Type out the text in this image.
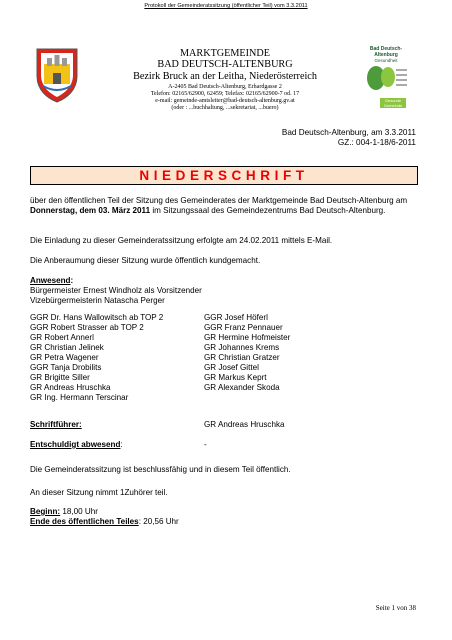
Protokoll der Gemeinderatssitzung (öffentlicher Teil) vom 3.3.2011
MARKTGEMEINDE
BAD DEUTSCH-ALTENBURG
Bezirk Bruck an der Leitha, Niederösterreich
A-2405 Bad Deutsch-Altenburg, Erhardgasse 2
Telefon: 02165/62900, 62459; Telefax: 02165/62900-7 od. 17
e-mail: gemeinde-amtsleiter@bad-deutsch-altenburg.gv.at
(oder : ...buchhaltung, ...sekretariat, ...buero)
Bad Deutsch-Altenburg
Gesundheit
Gesunde Gemeinde
Bad Deutsch-Altenburg, am 3.3.2011
GZ.: 004-1-18/6-2011
NIEDERSCHRIFT
über den öffentlichen Teil der Sitzung des Gemeinderates der Marktgemeinde Bad Deutsch-Altenburg am Donnerstag, dem 03. März 2011 im Sitzungssaal des Gemeindezentrums Bad Deutsch-Altenburg.
Die Einladung zu dieser Gemeinderatssitzung erfolgte am 24.02.2011 mittels E-Mail.
Die Anberaumung dieser Sitzung wurde öffentlich kundgemacht.
Anwesend:
Bürgermeister Ernest Windholz als Vorsitzender
Vizebürgermeisterin Natascha Perger
GGR Dr. Hans Wallowitsch ab TOP 2
GGR Robert Strasser ab TOP 2
GR Robert Annerl
GR Christian Jelinek
GR Petra Wagener
GGR Tanja Drobilits
GR Brigitte Siller
GR Andreas Hruschka
GR Ing. Hermann Terscinar
GGR Josef Höferl
GGR Franz Pennauer
GR Hermine Hofmeister
GR Johannes Krems
GR Christian Gratzer
GR Josef Gittel
GR Markus Keprt
GR Alexander Skoda
Schriftführer:	GR Andreas Hruschka
Entschuldigt abwesend:	-
Die Gemeinderatssitzung ist beschlussfähig und in diesem Teil öffentlich.
An dieser Sitzung nimmt 1Zuhörer teil.
Beginn: 18,00 Uhr
Ende des öffentlichen Teiles: 20,56 Uhr
Seite 1 von 38
